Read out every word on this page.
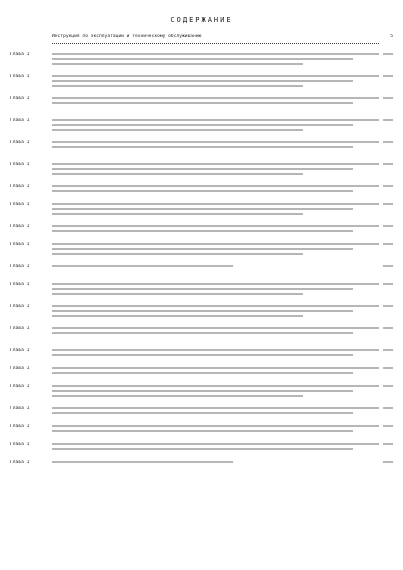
СОДЕРЖАНИЕ
Инструкция по эксплуатации и техническому обслуживанию	5
Глава 1
Глава 1
Глава 1
Глава 1
Глава 1
Глава 1
Глава 1
Глава 1
Глава 1
Глава 1
Глава 1
Глава 1
Глава 1
Глава 1
Глава 1
Глава 1
Глава 1
Глава 1
Глава 1
Глава 1
Глава 1
